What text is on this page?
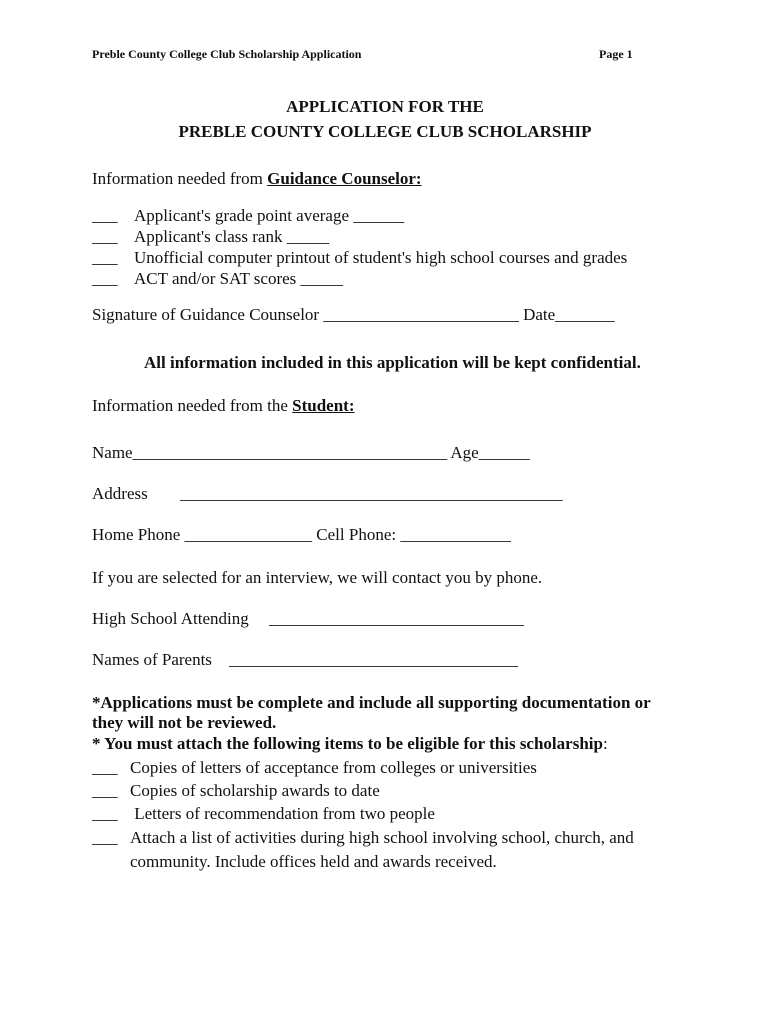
Preble County College Club Scholarship Application	Page 1
APPLICATION FOR THE
PREBLE COUNTY COLLEGE CLUB SCHOLARSHIP
Information needed from Guidance Counselor:
___ Applicant's grade point average ______
___ Applicant's class rank _____
___ Unofficial computer printout of student's high school courses and grades
___ ACT and/or SAT scores _____
Signature of Guidance Counselor _______________________ Date_______
All information included in this application will be kept confidential.
Information needed from the Student:
Name_____________________________________ Age______
Address _____________________________________________
Home Phone _______________ Cell Phone: _____________
If you are selected for an interview, we will contact you by phone.
High School Attending ______________________________
Names of Parents __________________________________
*Applications must be complete and include all supporting documentation or
they will not be reviewed.
* You must attach the following items to be eligible for this scholarship:
___ Copies of letters of acceptance from colleges or universities
___ Copies of scholarship awards to date
___ Letters of recommendation from two people
___ Attach a list of activities during high school involving school, church, and
community. Include offices held and awards received.
